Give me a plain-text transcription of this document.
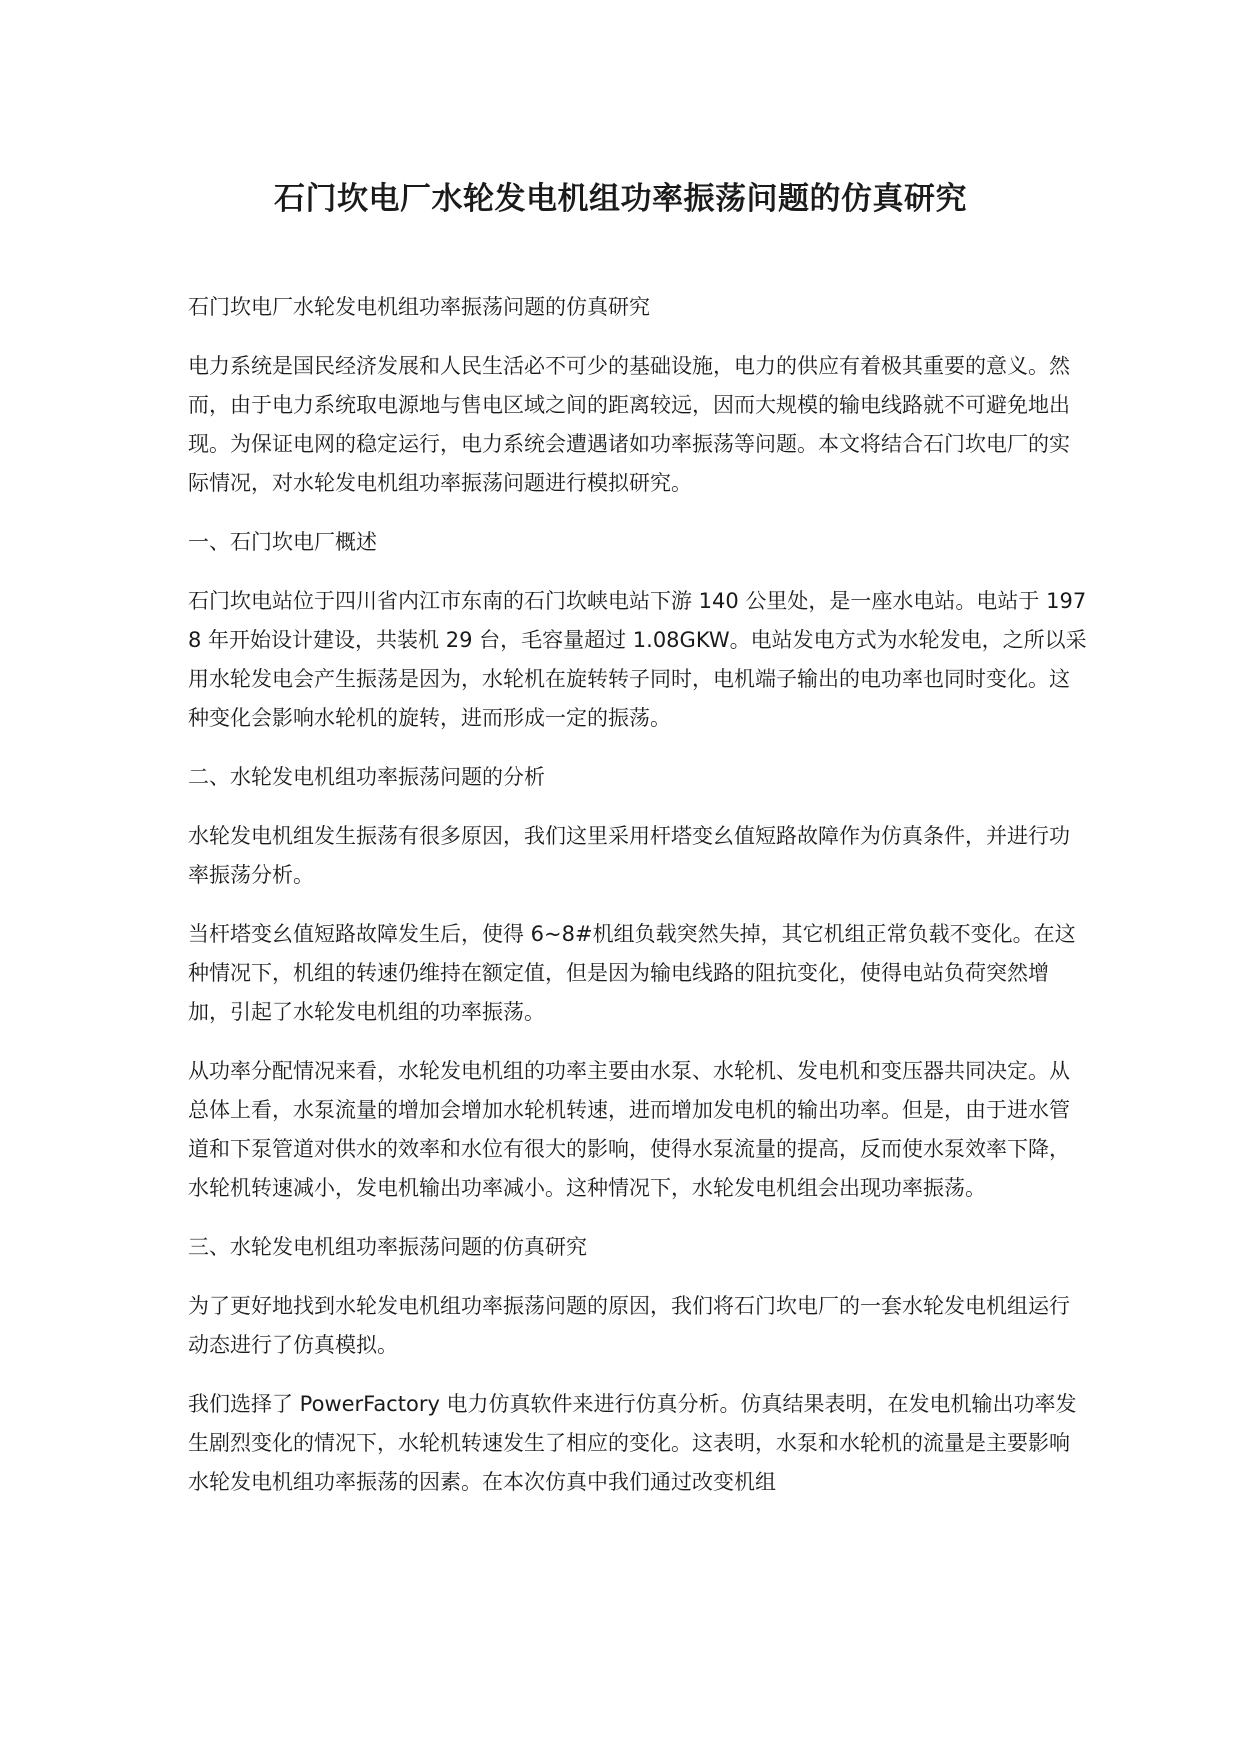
石门坎电厂水轮发电机组功率振荡问题的仿真研究

石门坎电厂水轮发电机组功率振荡问题的仿真研究

电力系统是国民经济发展和人民生活必不可少的基础设施，电力的供应有着极其重要的意义。然而，由于电力系统取电源地与售电区域之间的距离较远，因而大规模的输电线路就不可避免地出现。为保证电网的稳定运行，电力系统会遭遇诸如功率振荡等问题。本文将结合石门坎电厂的实际情况，对水轮发电机组功率振荡问题进行模拟研究。

一、石门坎电厂概述

石门坎电站位于四川省内江市东南的石门坎峡电站下游 140 公里处，是一座水电站。电站于 1978 年开始设计建设，共装机 29 台，毛容量超过 1.08GKW。电站发电方式为水轮发电，之所以采用水轮发电会产生振荡是因为，水轮机在旋转转子同时，电机端子输出的电功率也同时变化。这种变化会影响水轮机的旋转，进而形成一定的振荡。

二、水轮发电机组功率振荡问题的分析

水轮发电机组发生振荡有很多原因，我们这里采用杆塔变幺值短路故障作为仿真条件，并进行功率振荡分析。

当杆塔变幺值短路故障发生后，使得 6~8#机组负载突然失掉，其它机组正常负载不变化。在这种情况下，机组的转速仍维持在额定值，但是因为输电线路的阻抗变化，使得电站负荷突然增加，引起了水轮发电机组的功率振荡。

从功率分配情况来看，水轮发电机组的功率主要由水泵、水轮机、发电机和变压器共同决定。从总体上看，水泵流量的增加会增加水轮机转速，进而增加发电机的输出功率。但是，由于进水管道和下泵管道对供水的效率和水位有很大的影响，使得水泵流量的提高，反而使水泵效率下降，水轮机转速减小，发电机输出功率减小。这种情况下，水轮发电机组会出现功率振荡。

三、水轮发电机组功率振荡问题的仿真研究

为了更好地找到水轮发电机组功率振荡问题的原因，我们将石门坎电厂的一套水轮发电机组运行动态进行了仿真模拟。

我们选择了 PowerFactory 电力仿真软件来进行仿真分析。仿真结果表明，在发电机输出功率发生剧烈变化的情况下，水轮机转速发生了相应的变化。这表明，水泵和水轮机的流量是主要影响水轮发电机组功率振荡的因素。在本次仿真中我们通过改变机组
